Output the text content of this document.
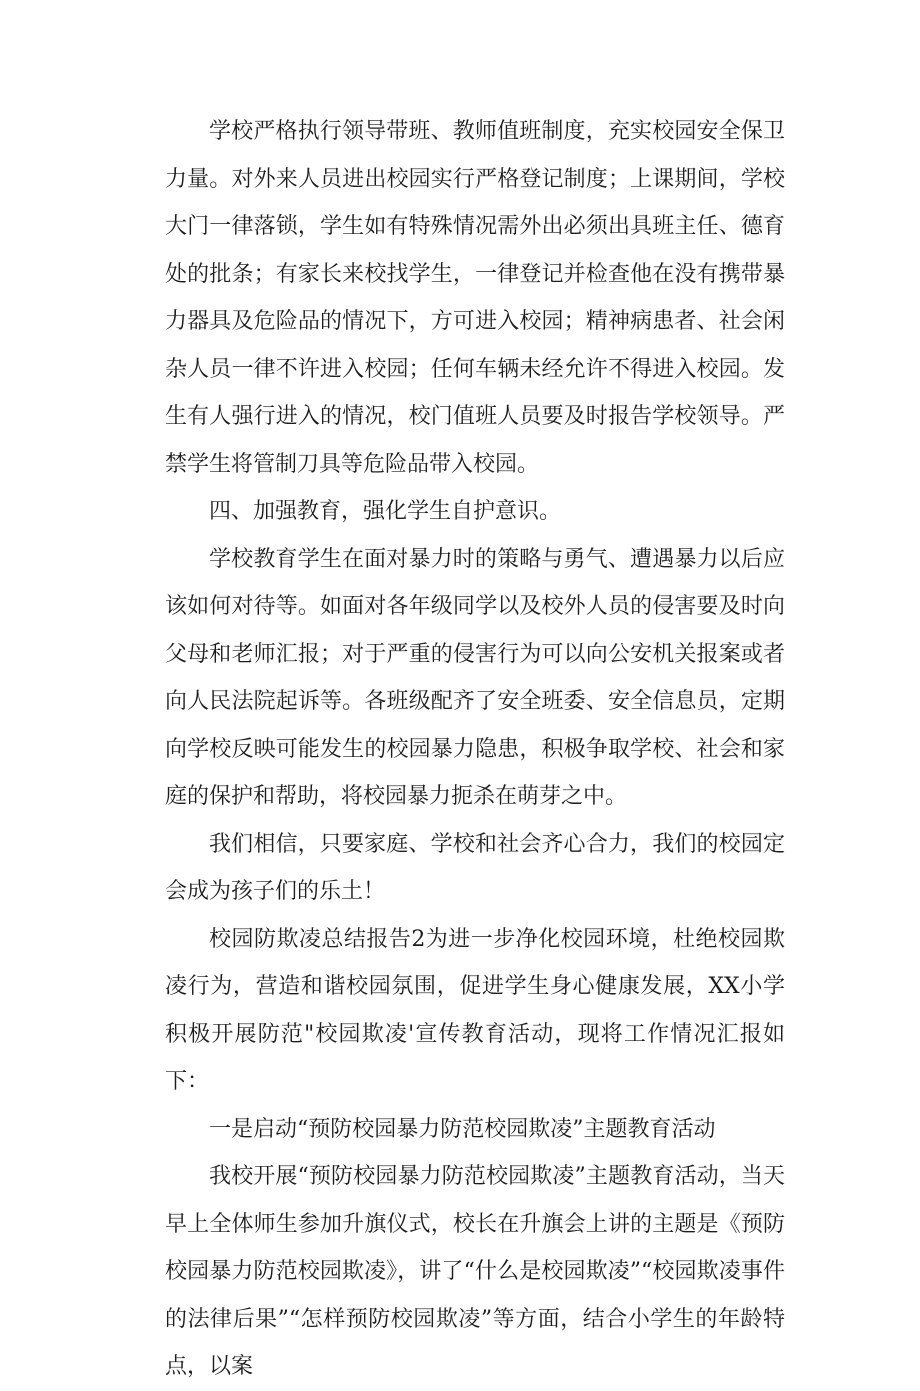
学校严格执行领导带班、教师值班制度，充实校园安全保卫力量。对外来人员进出校园实行严格登记制度；上课期间，学校大门一律落锁，学生如有特殊情况需外出必须出具班主任、德育处的批条；有家长来校找学生，一律登记并检查他在没有携带暴力器具及危险品的情况下，方可进入校园；精神病患者、社会闲杂人员一律不许进入校园；任何车辆未经允许不得进入校园。发生有人强行进入的情况，校门值班人员要及时报告学校领导。严禁学生将管制刀具等危险品带入校园。

四、加强教育，强化学生自护意识。

学校教育学生在面对暴力时的策略与勇气、遭遇暴力以后应该如何对待等。如面对各年级同学以及校外人员的侵害要及时向父母和老师汇报；对于严重的侵害行为可以向公安机关报案或者向人民法院起诉等。各班级配齐了安全班委、安全信息员，定期向学校反映可能发生的校园暴力隐患，积极争取学校、社会和家庭的保护和帮助，将校园暴力扼杀在萌芽之中。

我们相信，只要家庭、学校和社会齐心合力，我们的校园定会成为孩子们的乐土！

校园防欺凌总结报告2为进一步净化校园环境，杜绝校园欺凌行为，营造和谐校园氛围，促进学生身心健康发展，XX小学积极开展防范"校园欺凌'宣传教育活动，现将工作情况汇报如下：

一是启动“预防校园暴力防范校园欺凌”主题教育活动

我校开展“预防校园暴力防范校园欺凌”主题教育活动，当天早上全体师生参加升旗仪式，校长在升旗会上讲的主题是《预防校园暴力防范校园欺凌》，讲了“什么是校园欺凌”“校园欺凌事件的法律后果”“怎样预防校园欺凌”等方面，结合小学生的年龄特点，以案
